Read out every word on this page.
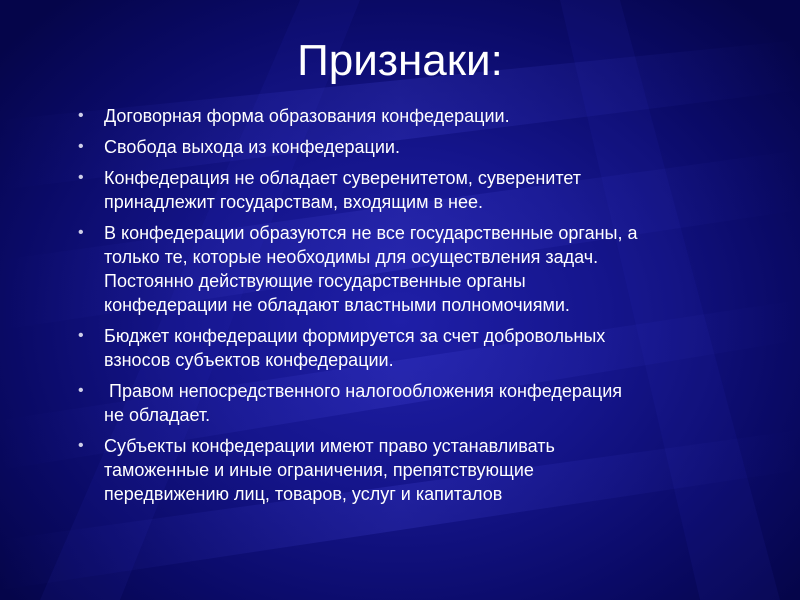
Признаки:
• Договорная форма образования конфедерации.
• Свобода выхода из конфедерации.
• Конфедерация не обладает суверенитетом, суверенитет
принадлежит государствам, входящим в нее.
• В конфедерации образуются не все государственные органы, а
только те, которые необходимы для осуществления задач.
Постоянно действующие государственные органы
конфедерации не обладают властными полномочиями.
• Бюджет конфедерации формируется за счет добровольных
взносов субъектов конфедерации.
• Правом непосредственного налогообложения конфедерация
не обладает.
• Субъекты конфедерации имеют право устанавливать
таможенные и иные ограничения, препятствующие
передвижению лиц, товаров, услуг и капиталов
